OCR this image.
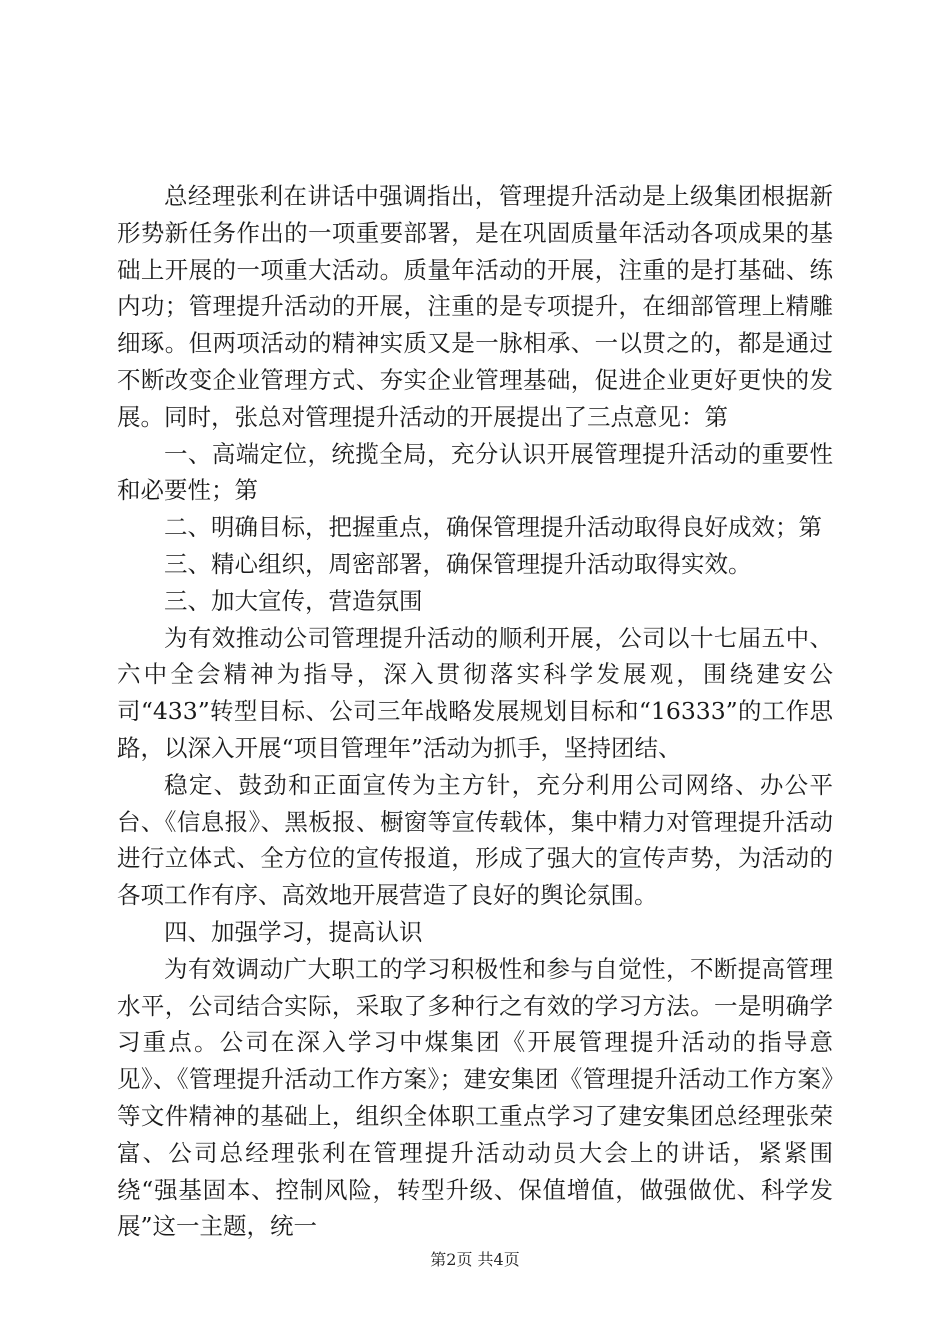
总经理张利在讲话中强调指出，管理提升活动是上级集团根据新形势新任务作出的一项重要部署，是在巩固质量年活动各项成果的基础上开展的一项重大活动。质量年活动的开展，注重的是打基础、练内功；管理提升活动的开展，注重的是专项提升，在细部管理上精雕细琢。但两项活动的精神实质又是一脉相承、一以贯之的，都是通过不断改变企业管理方式、夯实企业管理基础，促进企业更好更快的发展。同时，张总对管理提升活动的开展提出了三点意见：第

一、高端定位，统揽全局，充分认识开展管理提升活动的重要性和必要性；第

二、明确目标，把握重点，确保管理提升活动取得良好成效；第

三、精心组织，周密部署，确保管理提升活动取得实效。

三、加大宣传，营造氛围

为有效推动公司管理提升活动的顺利开展，公司以十七届五中、六中全会精神为指导，深入贯彻落实科学发展观，围绕建安公司“433”转型目标、公司三年战略发展规划目标和“16333”的工作思路，以深入开展“项目管理年”活动为抓手，坚持团结、

稳定、鼓劲和正面宣传为主方针，充分利用公司网络、办公平台、《信息报》、黑板报、橱窗等宣传载体，集中精力对管理提升活动进行立体式、全方位的宣传报道，形成了强大的宣传声势，为活动的各项工作有序、高效地开展营造了良好的舆论氛围。

四、加强学习，提高认识

为有效调动广大职工的学习积极性和参与自觉性，不断提高管理水平，公司结合实际，采取了多种行之有效的学习方法。一是明确学习重点。公司在深入学习中煤集团《开展管理提升活动的指导意见》、《管理提升活动工作方案》；建安集团《管理提升活动工作方案》等文件精神的基础上，组织全体职工重点学习了建安集团总经理张荣富、公司总经理张利在管理提升活动动员大会上的讲话，紧紧围绕“强基固本、控制风险，转型升级、保值增值，做强做优、科学发展”这一主题，统一

第2页 共4页
